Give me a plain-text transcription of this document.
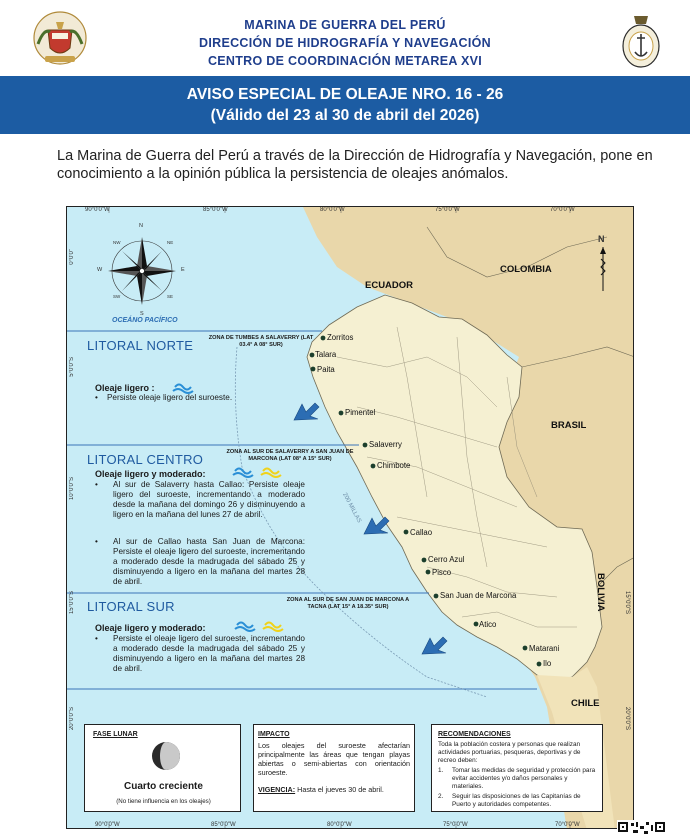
MARINA DE GUERRA DEL PERÚ
DIRECCIÓN DE HIDROGRAFÍA Y NAVEGACIÓN
CENTRO DE COORDINACIÓN METAREA XVI
AVISO ESPECIAL DE OLEAJE NRO. 16 - 26
(Válido del 23 al 30 de abril del 2026)
La Marina de Guerra del Perú a través de la Dirección de Hidrografía y Navegación, pone en conocimiento a la opinión pública la persistencia de oleajes anómalos.
90°0'0"W	85°0'0"W	80°0'0"W	75°0'0"W	70°0'0"W
0°0'0"
5°0'0"S
10°0'0"S
15°0'0"S
20°0'0"S
15°0'0"S
20°0'0"S
N
S
E
W
NE
NW
SE
SW
N
OCEÁNO PACÍFICO
200 MILLAS
ECUADOR
COLOMBIA
BRASIL
BOLIVIA
CHILE
Zorritos
Talara
Paita
Pimentel
Salaverry
Chimbote
Callao
Cerro Azul
Pisco
San Juan de Marcona
Atico
Matarani
Ilo
LITORAL NORTE	ZONA DE TUMBES A SALAVERRY (LAT 03.4° A 08° SUR)
Oleaje ligero :
•    Persiste oleaje ligero del suroeste.
LITORAL CENTRO	ZONA AL SUR DE SALAVERRY A SAN JUAN DE
MARCONA (LAT 08° A 15° SUR)
Oleaje ligero y moderado:
•	Al sur de Salaverry hasta Callao: Persiste oleaje ligero del suroeste, incrementando a moderado desde la mañana del domingo 26 y disminuyendo a ligero en la mañana del lunes 27 de abril.
•	Al sur de Callao hasta San Juan de Marcona: Persiste el oleaje ligero del suroeste, incrementando a moderado desde la madrugada del sábado 25 y disminuyendo a ligero en la mañana del martes 28 de abril.
LITORAL SUR	ZONA AL SUR DE SAN JUAN DE MARCONA A
TACNA (LAT 15° A 18.35° SUR)
Oleaje ligero y moderado:
•	Persiste el oleaje ligero del suroeste, incrementando a moderado desde la madrugada del sábado 25 y disminuyendo a ligero en la mañana del martes 28 de abril.
FASE LUNAR
Cuarto creciente
(No tiene influencia en los oleajes)
IMPACTO
Los oleajes del suroeste afectarían principalmente las áreas que tengan playas abiertas o semi-abiertas con orientación suroeste.
VIGENCIA: Hasta el jueves 30 de abril.
RECOMENDACIONES
Toda la población costera y personas que realizan actividades portuarias, pesqueras, deportivas y de recreo deben:
1.	Tomar las medidas de seguridad y protección para evitar accidentes y/o daños personales y materiales.
2.	Seguir las disposiciones de las Capitanías de Puerto y autoridades competentes.
90°0'0"W	85°0'0"W	80°0'0"W	75°0'0"W	70°0'0"W
